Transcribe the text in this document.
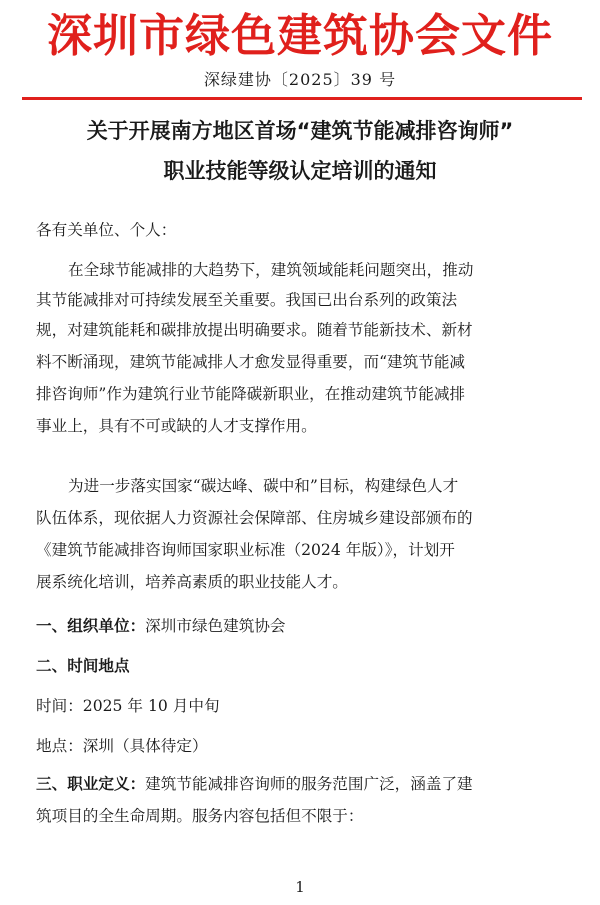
深圳市绿色建筑协会文件
深绿建协〔2025〕39 号
关于开展南方地区首场“建筑节能减排咨询师”
职业技能等级认定培训的通知
各有关单位、个人：
在全球节能减排的大趋势下，建筑领域能耗问题突出，推动
其节能减排对可持续发展至关重要。我国已出台系列的政策法
规，对建筑能耗和碳排放提出明确要求。随着节能新技术、新材
料不断涌现，建筑节能减排人才愈发显得重要，而“建筑节能减
排咨询师”作为建筑行业节能降碳新职业，在推动建筑节能减排
事业上，具有不可或缺的人才支撑作用。
为进一步落实国家“碳达峰、碳中和”目标，构建绿色人才
队伍体系，现依据人力资源社会保障部、住房城乡建设部颁布的
《建筑节能减排咨询师国家职业标准（2024 年版）》，计划开
展系统化培训，培养高素质的职业技能人才。
一、组织单位：深圳市绿色建筑协会
二、时间地点
时间：2025 年 10 月中旬
地点：深圳（具体待定）
三、职业定义：建筑节能减排咨询师的服务范围广泛，涵盖了建
筑项目的全生命周期。服务内容包括但不限于：
1
